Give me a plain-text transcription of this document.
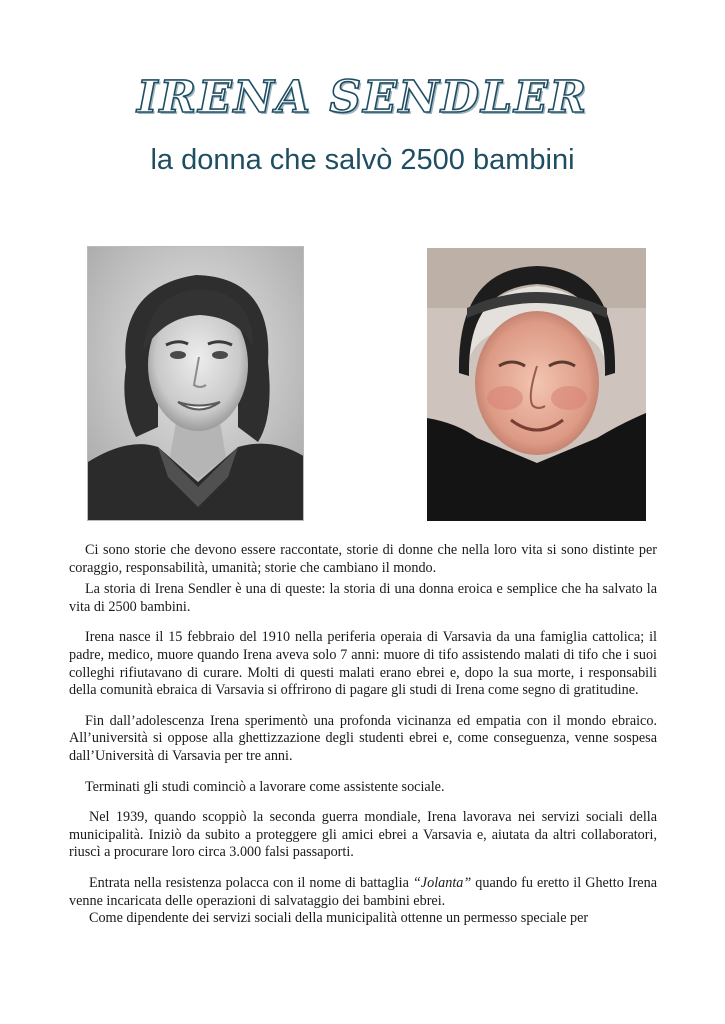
IRENA SENDLER
la donna che salvò 2500 bambini

Ci sono storie che devono essere raccontate, storie di donne che nella loro vita si sono distinte per coraggio, responsabilità, umanità; storie che cambiano il mondo.

La storia di Irena Sendler è una di queste: la storia di una donna eroica e semplice che ha salvato la vita di 2500 bambini.

Irena nasce il 15 febbraio del 1910 nella periferia operaia di Varsavia da una famiglia cattolica; il padre, medico, muore quando Irena aveva solo 7 anni: muore di tifo assistendo malati di tifo che i suoi colleghi rifiutavano di curare. Molti di questi malati erano ebrei e, dopo la sua morte, i responsabili della comunità ebraica di Varsavia si offrirono di pagare gli studi di Irena come segno di gratitudine.

Fin dall’adolescenza Irena sperimentò una profonda vicinanza ed empatia con il mondo ebraico. All’università si oppose alla ghettizzazione degli studenti ebrei e, come conseguenza, venne sospesa dall’Università di Varsavia per tre anni.

Terminati gli studi cominciò a lavorare come assistente sociale.

Nel 1939, quando scoppiò la seconda guerra mondiale, Irena lavorava nei servizi sociali della municipalità. Iniziò da subito a proteggere gli amici ebrei a Varsavia e, aiutata da altri collaboratori, riuscì a procurare loro circa 3.000 falsi passaporti.

Entrata nella resistenza polacca con il nome di battaglia “Jolanta” quando fu eretto il Ghetto Irena venne incaricata delle operazioni di salvataggio dei bambini ebrei.
Come dipendente dei servizi sociali della municipalità ottenne un permesso speciale per
